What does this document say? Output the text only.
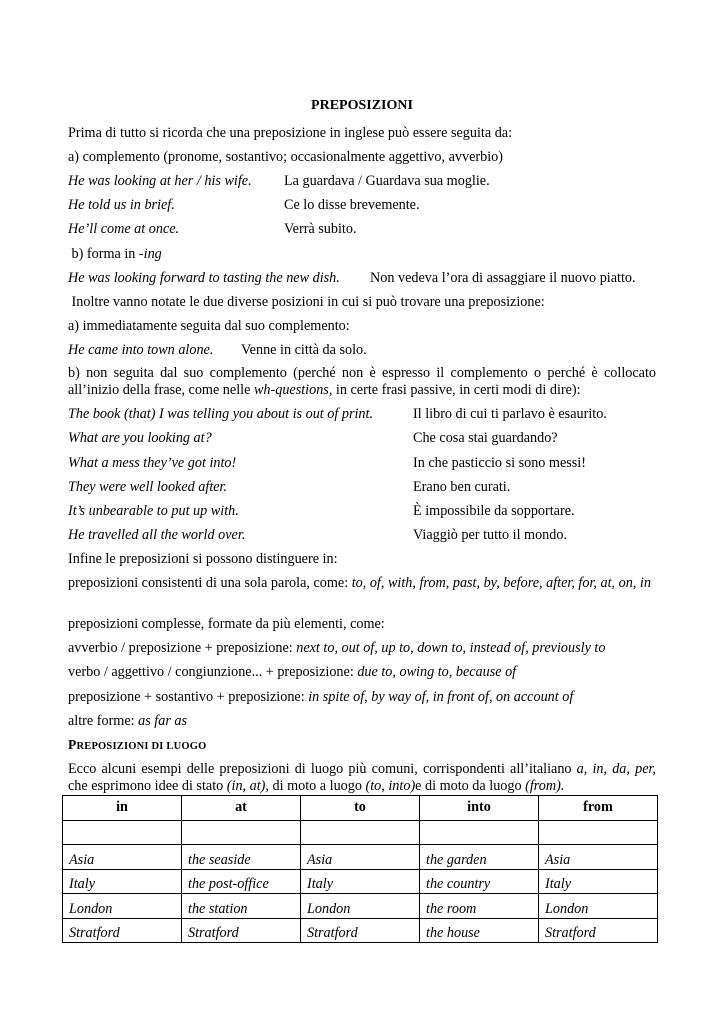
PREPOSIZIONI
Prima di tutto si ricorda che una preposizione in inglese può essere seguita da:
a) complemento (pronome, sostantivo; occasionalmente aggettivo, avverbio)
He was looking at her / his wife. La guardava / Guardava sua moglie.
He told us in brief.	Ce lo disse brevemente.
He’ll come at once.	Verrà subito.
b) forma in -ing
He was looking forward to tasting the new dish. Non vedeva l’ora di assaggiare il nuovo piatto.
Inoltre vanno notate le due diverse posizioni in cui si può trovare una preposizione:
a) immediatamente seguita dal suo complemento:
He came into town alone. Venne in città da solo.
b) non seguita dal suo complemento (perché non è espresso il complemento o perché è collocato all’inizio della frase, come nelle wh-questions, in certe frasi passive, in certi modi di dire):
The book (that) I was telling you about is out of print.	Il libro di cui ti parlavo è esaurito.
What are you looking at?	Che cosa stai guardando?
What a mess they’ve got into!	In che pasticcio si sono messi!
They were well looked after.	Erano ben curati.
It’s unbearable to put up with.	È impossibile da sopportare.
He travelled all the world over.	Viaggiò per tutto il mondo.
Infine le preposizioni si possono distinguere in:
preposizioni consistenti di una sola parola, come: to, of, with, from, past, by, before, after, for, at, on, in
preposizioni complesse, formate da più elementi, come:
avverbio / preposizione + preposizione: next to, out of, up to, down to, instead of, previously to
verbo / aggettivo / congiunzione... + preposizione: due to, owing to, because of
preposizione + sostantivo + preposizione: in spite of, by way of, in front of, on account of
altre forme: as far as
PREPOSIZIONI DI LUOGO
Ecco alcuni esempi delle preposizioni di luogo più comuni, corrispondenti all’italiano a, in, da, per, che esprimono idee di stato (in, at), di moto a luogo (to, into)e di moto da luogo (from).
in	at	to	into	from

Asia	the seaside	Asia	the garden	Asia
Italy	the post-office	Italy	the country	Italy
London	the station	London	the room	London
Stratford	Stratford	Stratford	the house	Stratford
